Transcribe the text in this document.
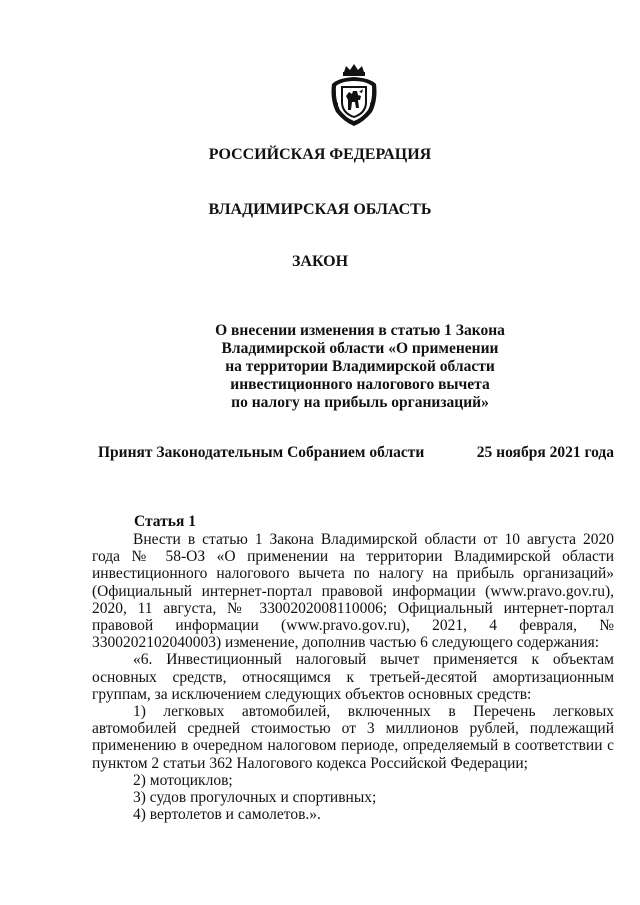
РОССИЙСКАЯ ФЕДЕРАЦИЯ
ВЛАДИМИРСКАЯ ОБЛАСТЬ
ЗАКОН
О внесении изменения в статью 1 Закона
Владимирской области «О применении
на территории Владимирской области
инвестиционного налогового вычета
по налогу на прибыль организаций»
Принят Законодательным Собранием области	25 ноября 2021 года
Статья 1

Внести в статью 1 Закона Владимирской области от 10 августа 2020 года № 58-ОЗ «О применении на территории Владимирской области инвестиционного налогового вычета по налогу на прибыль организаций» (Официальный интернет-портал правовой информации (www.pravo.gov.ru), 2020, 11 августа, № 3300202008110006; Официальный интернет-портал правовой информации (www.pravo.gov.ru), 2021, 4 февраля, № 3300202102040003) изменение, дополнив частью 6 следующего содержания:

«6. Инвестиционный налоговый вычет применяется к объектам основных средств, относящимся к третьей-десятой амортизационным группам, за исключением следующих объектов основных средств:

1) легковых автомобилей, включенных в Перечень легковых автомобилей средней стоимостью от 3 миллионов рублей, подлежащий применению в очередном налоговом периоде, определяемый в соответствии с пунктом 2 статьи 362 Налогового кодекса Российской Федерации;

2) мотоциклов;

3) судов прогулочных и спортивных;

4) вертолетов и самолетов.».
